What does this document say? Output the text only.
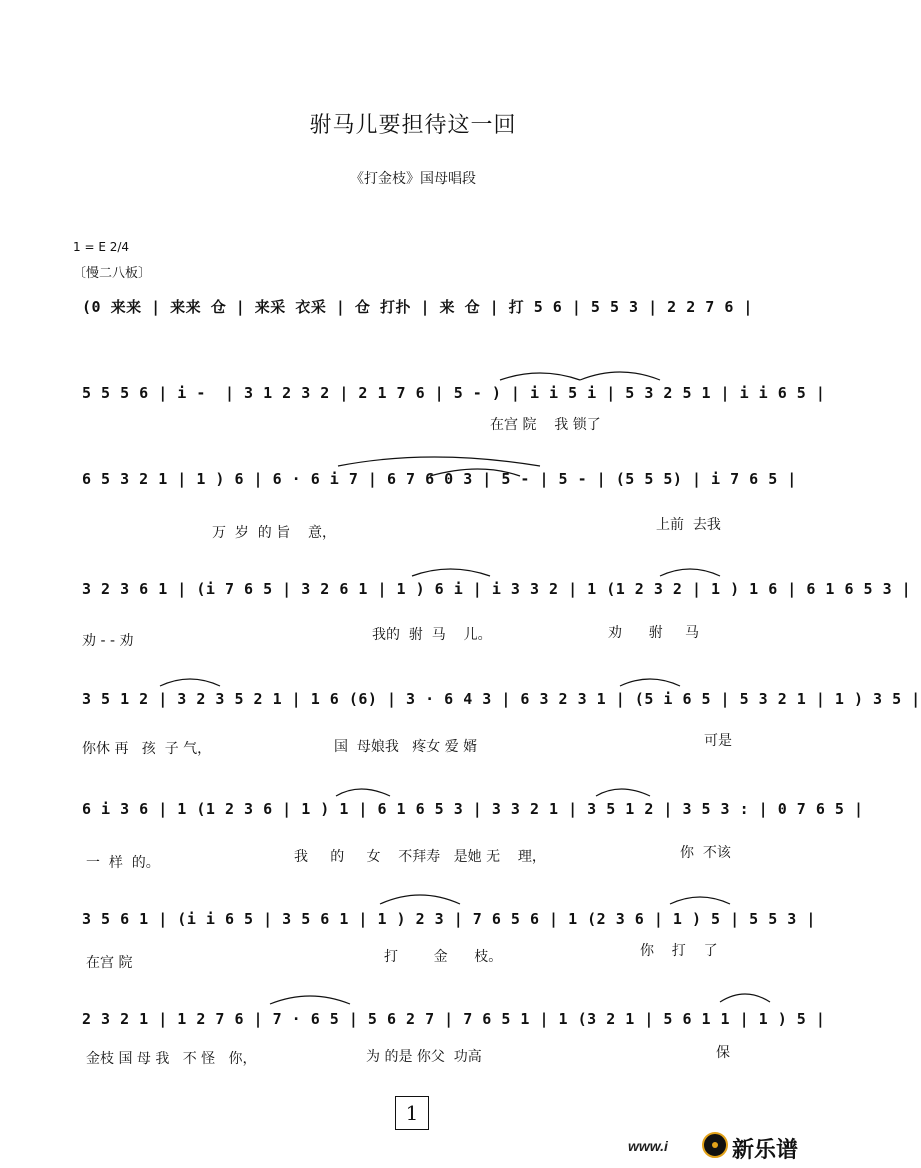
驸马儿要担待这一回
《打金枝》国母唱段
1 = E 2/4
〔慢二八板〕
(0 来来 | 来来 仓 | 来采 衣采 | 仓 打扑 | 来 仓 | 打 5 6 | 5 5 3 | 2 2 7 6 |
5 5 5 6 | i -  | 3 1 2 3 2 | 2 1 7 6 | 5 - ) | i i 5 i | 5 3 2 5 1 | i i 6 5 |
在宫 院    我 锁了
6 5 3 2 1 | 1 ) 6 | 6 · 6 i 7 | 6 7 6 0 3 | 5 - | 5 - | (5 5 5) | i 7 6 5 |
万  岁  的 旨    意，	上前  去我
3 2 3 6 1 | (i 7 6 5 | 3 2 6 1 | 1 ) 6 i | i 3 3 2 | 1 (1 2 3 2 | 1 ) 1 6 | 6 1 6 5 3 |
劝 - - 劝	我的  驸  马    儿。	劝      驸     马
3 5 1 2 | 3 2 3 5 2 1 | 1 6 (6) | 3 · 6 4 3 | 6 3 2 3 1 | (5 i 6 5 | 5 3 2 1 | 1 ) 3 5 |
你休 再   孩  子 气，	国  母娘我   疼女 爱 婿	可是
6 i 3 6 | 1 (1 2 3 6 | 1 ) 1 | 6 1 6 5 3 | 3 3 2 1 | 3 5 1 2 | 3 5 3 : | 0 7 6 5 |
一  样  的。	我     的     女    不拜寿   是她 无    理，	你  不该
3 5 6 1 | (i i 6 5 | 3 5 6 1 | 1 ) 2 3 | 7 6 5 6 | 1 (2 3 6 | 1 ) 5 | 5 5 3 |
在宫 院	打        金      枝。	你    打    了
2 3 2 1 | 1 2 7 6 | 7 · 6 5 | 5 6 2 7 | 7 6 5 1 | 1 (3 2 1 | 5 6 1 1 | 1 ) 5 |
金枝 国 母 我   不 怪   你，	为 的是 你父  功高	保
1
www.i	新乐谱
